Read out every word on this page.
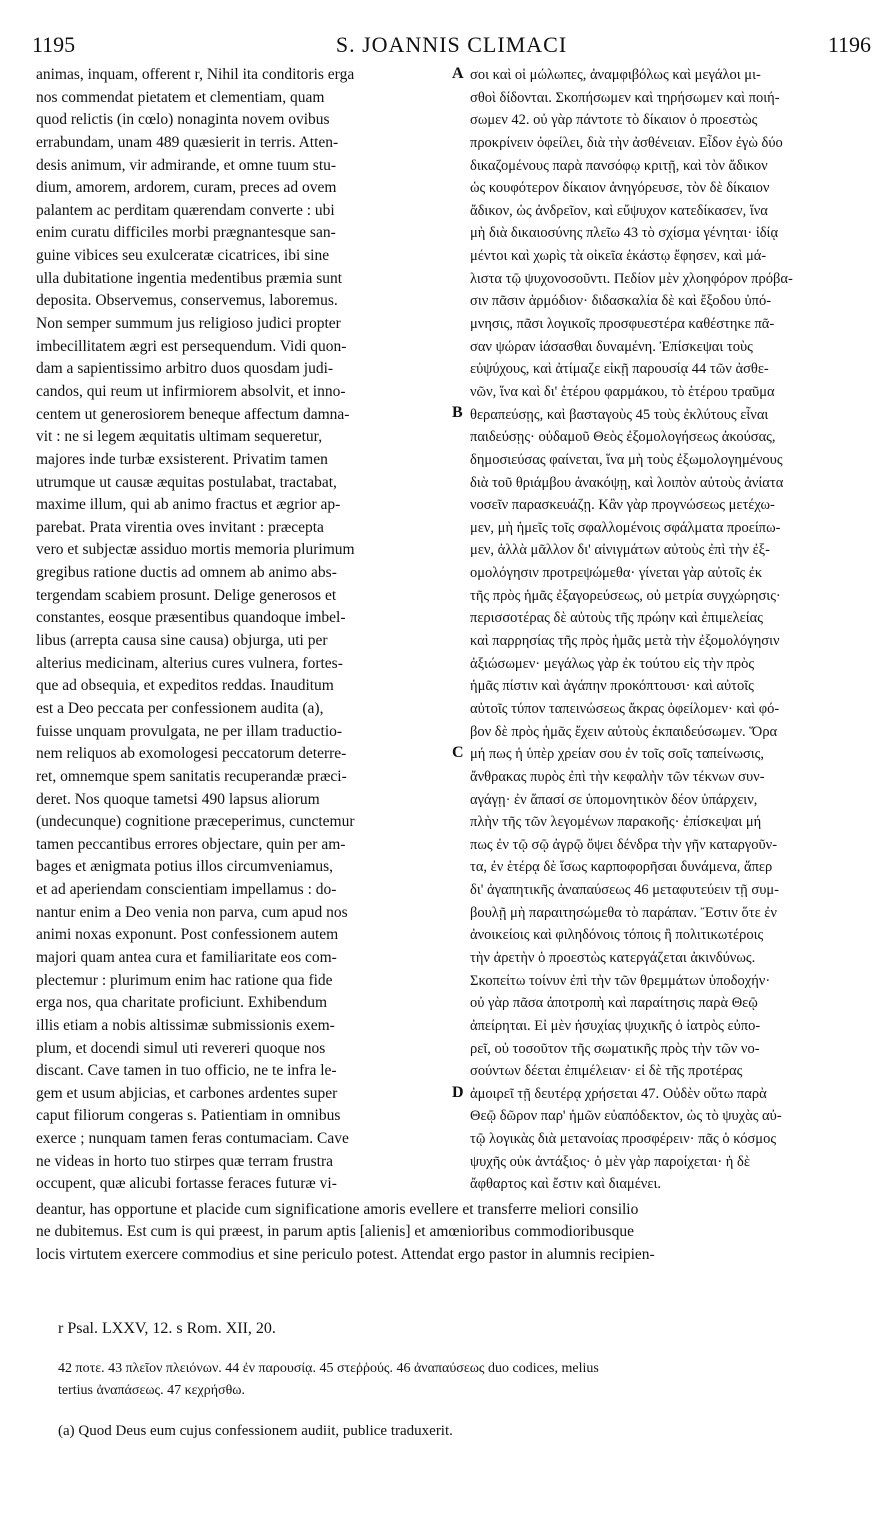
1195	S. JOANNIS CLIMACI	1196
animas, inquam, offerent r, Nihil ita conditoris erga
nos commendat pietatem et clementiam, quam
quod relictis (in cœlo) nonaginta novem ovibus
errabundam, unam 489 quæsierit in terris. Atten-
desis animum, vir admirande, et omne tuum stu-
dium, amorem, ardorem, curam, preces ad ovem
palantem ac perditam quærendam converte : ubi
enim curatu difficiles morbi prægnantesque san-
guine vibices seu exulceratæ cicatrices, ibi sine
ulla dubitatione ingentia medentibus præmia sunt
deposita. Observemus, conservemus, laboremus.
Non semper summum jus religioso judici propter
imbecillitatem ægri est persequendum. Vidi quon-
dam a sapientissimo arbitro duos quosdam judi-
candos, qui reum ut infirmiorem absolvit, et inno-
centem ut generosiorem beneque affectum damna-
vit : ne si legem æquitatis ultimam sequeretur,
majores inde turbæ exsisterent. Privatim tamen
utrumque ut causæ æquitas postulabat, tractabat,
maxime illum, qui ab animo fractus et ægrior ap-
parebat. Prata virentia oves invitant : præcepta
vero et subjectæ assiduo mortis memoria plurimum
gregibus ratione ductis ad omnem ab animo abs-
tergendam scabiem prosunt. Delige generosos et
constantes, eosque præsentibus quandoque imbel-
libus (arrepta causa sine causa) objurga, uti per
alterius medicinam, alterius cures vulnera, fortes-
que ad obsequia, et expeditos reddas. Inauditum
est a Deo peccata per confessionem audita (a),
fuisse unquam provulgata, ne per illam traductio-
nem reliquos ab exomologesi peccatorum deterre-
ret, omnemque spem sanitatis recuperandæ præci-
deret. Nos quoque tametsi 490 lapsus aliorum
(undecunque) cognitione præceperimus, cunctemur
tamen peccantibus errores objectare, quin per am-
bages et ænigmata potius illos circumveniamus,
et ad aperiendam conscientiam impellamus : do-
nantur enim a Deo venia non parva, cum apud nos
animi noxas exponunt. Post confessionem autem
majori quam antea cura et familiaritate eos com-
plectemur : plurimum enim hac ratione qua fide
erga nos, qua charitate proficiunt. Exhibendum
illis etiam a nobis altissimæ submissionis exem-
plum, et docendi simul uti revereri quoque nos
discant. Cave tamen in tuo officio, ne te infra le-
gem et usum abjicias, et carbones ardentes super
caput filiorum congeras s. Patientiam in omnibus
exerce ; nunquam tamen feras contumaciam. Cave
ne videas in horto tuo stirpes quæ terram frustra
occupent, quæ alicubi fortasse feraces futuræ vi-
σοι καὶ οἱ μώλωπες, ἀναμφιβόλως καὶ μεγάλοι μι-
σθοὶ δίδονται. Σκοπήσωμεν καὶ τηρήσωμεν καὶ ποιή-
σωμεν 42. οὐ γὰρ πάντοτε τὸ δίκαιον ὁ προεστὼς
προκρίνειν ὀφείλει, διὰ τὴν ἀσθένειαν. Εἶδον ἐγὼ δύο
δικαζομένους παρὰ πανσόφῳ κριτῇ, καὶ τὸν ἄδικον
ὡς κουφότερον δίκαιον ἀνηγόρευσε, τὸν δὲ δίκαιον
ἄδικον, ὡς ἀνδρεῖον, καὶ εὔψυχον κατεδίκασεν, ἵνα
μὴ διὰ δικαιοσύνης πλεῖω 43 τὸ σχίσμα γένηται· ἰδίᾳ
μέντοι καὶ χωρὶς τὰ οἰκεῖα ἑκάστῳ ἔφησεν, καὶ μά-
λιστα τῷ ψυχονοσοῦντι. Πεδίον μὲν χλοηφόρον πρόβα-
σιν πᾶσιν ἁρμόδιον· διδασκαλία δὲ καὶ ἔξοδου ὑπό-
μνησις, πᾶσι λογικοῖς προσφυεστέρα καθέστηκε πᾶ-
σαν ψώραν ἰάσασθαι δυναμένη. Ἐπίσκεψαι τοὺς
εὐψύχους, καὶ ἀτίμαζε εἰκῇ παρουσίᾳ 44 τῶν ἀσθε-
νῶν, ἵνα καὶ δι' ἑτέρου φαρμάκου, τὸ ἑτέρου τραῦμα
θεραπεύσῃς, καὶ βασταγοὺς 45 τοὺς ἐκλύτους εἶναι
παιδεύσῃς· οὐδαμοῦ Θεὸς ἐξομολογήσεως ἀκούσας,
δημοσιεύσας φαίνεται, ἵνα μὴ τοὺς ἐξωμολογημένους
διὰ τοῦ θριάμβου ἀνακόψῃ, καὶ λοιπὸν αὐτοὺς ἀνίατα
νοσεῖν παρασκευάζῃ. Κἂν γὰρ προγνώσεως μετέχω-
μεν, μὴ ἡμεῖς τοῖς σφαλλομένοις σφάλματα προείπω-
μεν, ἀλλὰ μᾶλλον δι' αἰνιγμάτων αὐτοὺς ἐπὶ τὴν ἐξ-
ομολόγησιν προτρεψώμεθα· γίνεται γὰρ αὐτοῖς ἐκ
τῆς πρὸς ἡμᾶς ἐξαγορεύσεως, οὐ μετρία συγχώρησις·
περισσοτέρας δὲ αὐτοὺς τῆς πρώην καὶ ἐπιμελείας
καὶ παρρησίας τῆς πρὸς ἡμᾶς μετὰ τὴν ἐξομολόγησιν
ἀξιώσωμεν· μεγάλως γὰρ ἐκ τούτου εἰς τὴν πρὸς
ἡμᾶς πίστιν καὶ ἀγάπην προκόπτουσι· καὶ αὐτοῖς
αὐτοῖς τύπον ταπεινώσεως ἄκρας ὀφείλομεν· καὶ φό-
βον δὲ πρὸς ἡμᾶς ἔχειν αὐτοὺς ἐκπαιδεύσωμεν. Ὅρα
μή πως ἡ ὑπὲρ χρείαν σου ἐν τοῖς σοῖς ταπείνωσις,
ἄνθρακας πυρὸς ἐπὶ τὴν κεφαλὴν τῶν τέκνων συν-
αγάγῃ· ἐν ἅπασί σε ὑπομονητικὸν δέον ὑπάρχειν,
πλὴν τῆς τῶν λεγομένων παρακοῆς· ἐπίσκεψαι μή
πως ἐν τῷ σῷ ἀγρῷ ὄψει δένδρα τὴν γῆν καταργοῦν-
τα, ἐν ἑτέρᾳ δὲ ἴσως καρποφορῆσαι δυνάμενα, ἅπερ
δι' ἀγαπητικῆς ἀναπαύσεως 46 μεταφυτεύειν τῇ συμ-
βουλῇ μὴ παραιτησώμεθα τὸ παράπαν. Ἔστιν ὅτε ἐν
ἀνοικείοις καὶ φιληδόνοις τόποις ἢ πολιτικωτέροις
τὴν ἀρετὴν ὁ προεστὼς κατεργάζεται ἀκινδύνως.
Σκοπείτω τοίνυν ἐπὶ τὴν τῶν θρεμμάτων ὑποδοχήν·
οὐ γὰρ πᾶσα ἀποτροπὴ καὶ παραίτησις παρὰ Θεῷ
ἀπείρηται. Εἰ μὲν ἡσυχίας ψυχικῆς ὁ ἰατρὸς εὐπο-
ρεῖ, οὐ τοσοῦτον τῆς σωματικῆς πρὸς τὴν τῶν νο-
σούντων δέεται ἐπιμέλειαν· εἰ δὲ τῆς προτέρας
ἀμοιρεῖ τῇ δευτέρᾳ χρήσεται 47. Οὐδὲν οὕτω παρὰ
Θεῷ δῶρον παρ' ἡμῶν εὐαπόδεκτον, ὡς τὸ ψυχὰς αὐ-
τῷ λογικὰς διὰ μετανοίας προσφέρειν· πᾶς ὁ κόσμος
ψυχῆς οὐκ ἀντάξιος· ὁ μὲν γὰρ παροίχεται· ἡ δὲ
ἄφθαρτος καὶ ἔστιν καὶ διαμένει.
A
B
C
D
deantur, has opportune et placide cum significatione amoris evellere et transferre meliori consilio
ne dubitemus. Est cum is qui præest, in parum aptis [alienis] et amœnioribus commodioribusque
locis virtutem exercere commodius et sine periculo potest. Attendat ergo pastor in alumnis recipien-
r Psal. LXXV, 12. s Rom. XII, 20.
42 ποτε. 43 πλεῖον πλειόνων. 44 ἐν παρουσίᾳ. 45 στεῤῥούς. 46 ἀναπαύσεως duo codices, melius
tertius ἀναπάσεως. 47 κεχρήσθω.
(a) Quod Deus eum cujus confessionem audiit, publice traduxerit.
